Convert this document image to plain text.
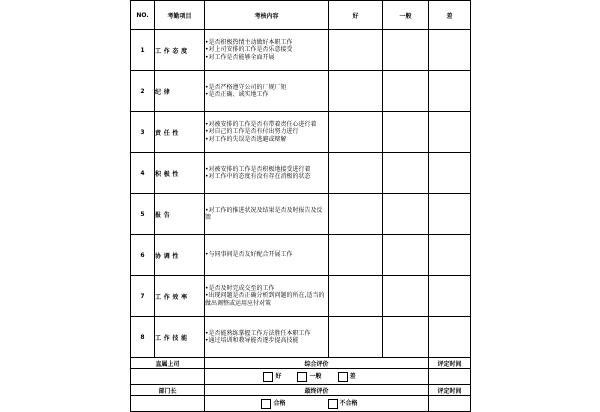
NO.	考勤项目	考核内容	好	一般	差
1	工 作 态 度	•是否积极热情主动做好本职工作
•对上司安排的工作是否乐意接受
•对工作是否能够全面开展			

2	纪 律	•是否严格遵守公司的厂规厂矩
•是否正确、诚实地工作			

3	责 任 性	•对被安排的工作是否有带着责任心进行着
•对自己的工作是否有付出努力进行
•对工作的失误是否逃避或辩解			

4	积 极 性	•对被安排的工作是否积极地接受进行着
•对工作中的态度有没有存在消极的状态			

5	报 告	•对工作的推进状况及结果是否及时报告及反馈			

6	协 调 性	•与同事间是否友好配合开展工作			

7	工 作 效 率	•是否及时完成交至的工作
•出现问题是否正确分析到问题的所在,适当的做出调整或运用应付对策			

8	工 作 技 能	•是否能熟练掌握工作方法胜任本职工作
•通过培训和教导能否逐步提高技能			

直属上司		综合评价			评定时间
		好 一般 差			
部门长		最终评价			评定时间
		合格 不合格			
